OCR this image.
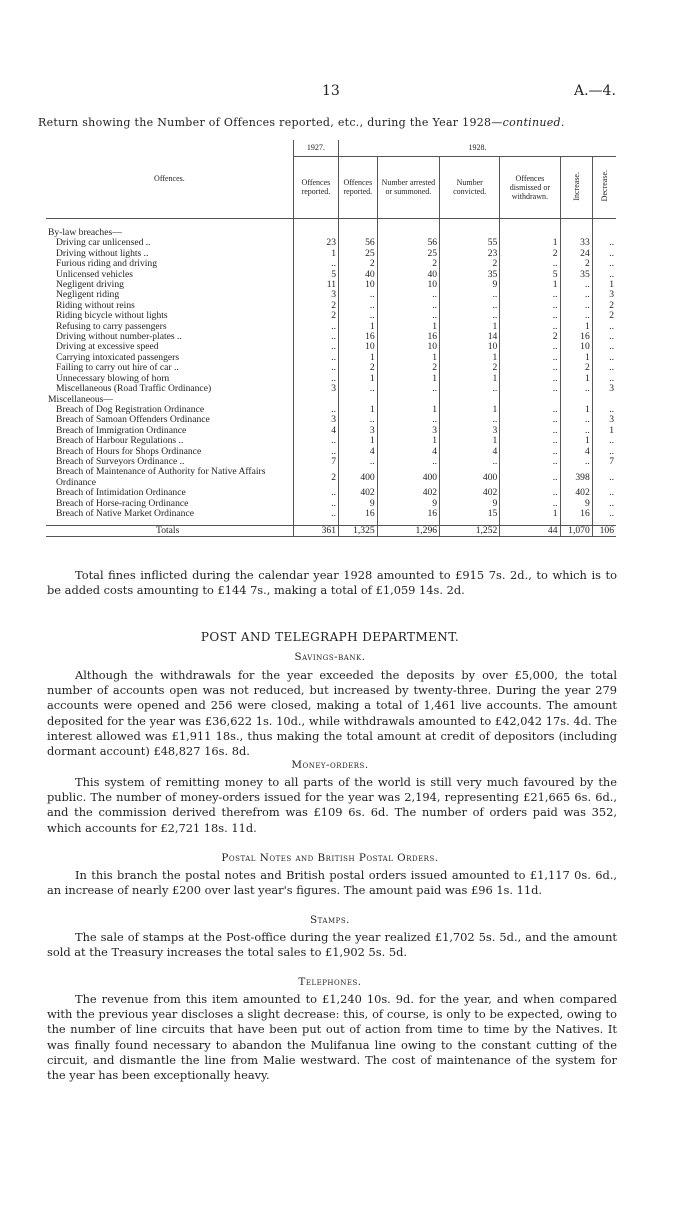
13	A.—4.
Return showing the Number of Offences reported, etc., during the Year 1928—continued.
	1927.	1928.					
Offences.	Offences reported.	Offences reported.	Number arrested or summoned.	Number convicted.	Offences dismissed or withdrawn.	Increase.	Decrease.

By-law breaches—							
Driving car unlicensed ..	23	56	56	55	1	33	..
Driving without lights ..	1	25	25	23	2	24	..
Furious riding and driving	..	2	2	2	..	2	..
Unlicensed vehicles	5	40	40	35	5	35	..
Negligent driving	11	10	10	9	1	..	1
Negligent riding	3	..	..	..	..	..	3
Riding without reins	2	..	..	..	..	..	2
Riding bicycle without lights	2	..	..	..	..	..	2
Refusing to carry passengers	..	1	1	1	..	1	..
Driving without number-plates ..	..	16	16	14	2	16	..
Driving at excessive speed	..	10	10	10	..	10	..
Carrying intoxicated passengers	..	1	1	1	..	1	..
Failing to carry out hire of car ..	..	2	2	2	..	2	..
Unnecessary blowing of horn	..	1	1	1	..	1	..
Miscellaneous (Road Traffic Ordinance)	3	..	..	..	..	..	3
Miscellaneous—							
Breach of Dog Registration Ordinance	..	1	1	1	..	1	..
Breach of Samoan Offenders Ordinance	3	..	..	..	..	..	3
Breach of Immigration Ordinance	4	3	3	3	..	..	1
Breach of Harbour Regulations ..	..	1	1	1	..	1	..
Breach of Hours for Shops Ordinance	..	4	4	4	..	4	..
Breach of Surveyors Ordinance ..	7	..	..	..	..	..	7
Breach of Maintenance of Authority for Native Affairs Ordinance	2	400	400	400	..	398	..
Breach of Intimidation Ordinance	..	402	402	402	..	402	..
Breach of Horse-racing Ordinance	..	9	9	9	..	9	..
Breach of Native Market Ordinance	..	16	16	15	1	16	..

Totals	361	1,325	1,296	1,252	44	1,070	106

Total fines inflicted during the calendar year 1928 amounted to £915 7s. 2d., to which is to be added costs amounting to £144 7s., making a total of £1,059 14s. 2d.

POST AND TELEGRAPH DEPARTMENT.
Savings-bank.

Although the withdrawals for the year exceeded the deposits by over £5,000, the total number of accounts open was not reduced, but increased by twenty-three. During the year 279 accounts were opened and 256 were closed, making a total of 1,461 live accounts. The amount deposited for the year was £36,622 1s. 10d., while withdrawals amounted to £42,042 17s. 4d. The interest allowed was £1,911 18s., thus making the total amount at credit of depositors (including dormant account) £48,827 16s. 8d.

Money-orders.

This system of remitting money to all parts of the world is still very much favoured by the public. The number of money-orders issued for the year was 2,194, representing £21,665 6s. 6d., and the commission derived therefrom was £109 6s. 6d. The number of orders paid was 352, which accounts for £2,721 18s. 11d.

Postal Notes and British Postal Orders.

In this branch the postal notes and British postal orders issued amounted to £1,117 0s. 6d., an increase of nearly £200 over last year's figures. The amount paid was £96 1s. 11d.

Stamps.

The sale of stamps at the Post-office during the year realized £1,702 5s. 5d., and the amount sold at the Treasury increases the total sales to £1,902 5s. 5d.

Telephones.

The revenue from this item amounted to £1,240 10s. 9d. for the year, and when compared with the previous year discloses a slight decrease: this, of course, is only to be expected, owing to the number of line circuits that have been put out of action from time to time by the Natives. It was finally found necessary to abandon the Mulifanua line owing to the constant cutting of the circuit, and dismantle the line from Malie westward. The cost of maintenance of the system for the year has been exceptionally heavy.
